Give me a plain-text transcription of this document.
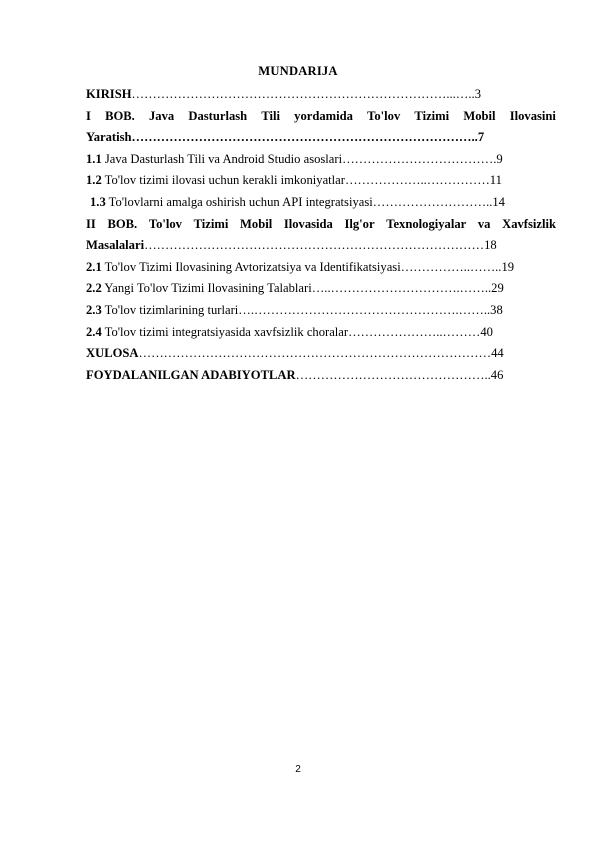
MUNDARIJA
KIRISH…………………………………………………………………...…..3
I BOB. Java Dasturlash Tili yordamida To'lov Tizimi Mobil Ilovasini
Yaratish………………………………………………………………………..7
1.1 Java Dasturlash Tili va Android Studio asoslari……………………………….9
1.2 To'lov tizimi ilovasi uchun kerakli imkoniyatlar………………..……………11
1.3 To'lovlarni amalga oshirish uchun API integratsiyasi………………………..14
II BOB. To'lov Tizimi Mobil Ilovasida Ilg'or Texnologiyalar va Xavfsizlik
Masalalari………………………………………………………………………18
2.1 To'lov Tizimi Ilovasining Avtorizatsiya va Identifikatsiyasi……………..……..19
2.2 Yangi To'lov Tizimi Ilovasining Talablari…..………………………….……..29
2.3 To'lov tizimlarining turlari….………………………………………….……..38
2.4 To'lov tizimi integratsiyasida xavfsizlik choralar…………………..………40
XULOSA…………………………………………………………………………44
FOYDALANILGAN ADABIYOTLAR………………………………………..46
2
